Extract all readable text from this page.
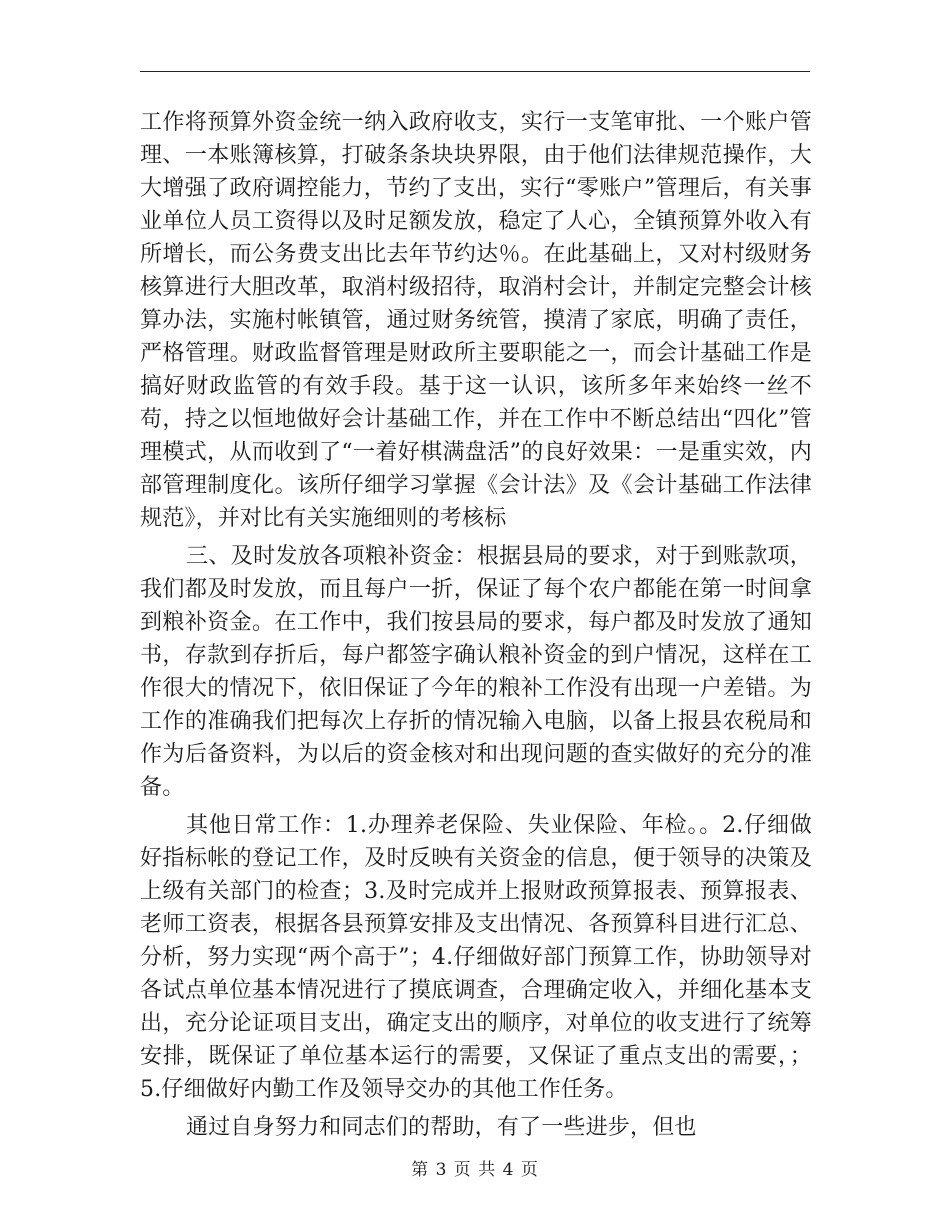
工作将预算外资金统一纳入政府收支，实行一支笔审批、一个账户管理、一本账簿核算，打破条条块块界限，由于他们法律规范操作，大大增强了政府调控能力，节约了支出，实行“零账户”管理后，有关事业单位人员工资得以及时足额发放，稳定了人心，全镇预算外收入有所增长，而公务费支出比去年节约达％。在此基础上，又对村级财务核算进行大胆改革，取消村级招待，取消村会计，并制定完整会计核算办法，实施村帐镇管，通过财务统管，摸清了家底，明确了责任，严格管理。财政监督管理是财政所主要职能之一，而会计基础工作是搞好财政监管的有效手段。基于这一认识，该所多年来始终一丝不苟，持之以恒地做好会计基础工作，并在工作中不断总结出“四化”管理模式，从而收到了“一着好棋满盘活”的良好效果：一是重实效，内部管理制度化。该所仔细学习掌握《会计法》及《会计基础工作法律规范》，并对比有关实施细则的考核标

三、及时发放各项粮补资金：根据县局的要求，对于到账款项，我们都及时发放，而且每户一折，保证了每个农户都能在第一时间拿到粮补资金。在工作中，我们按县局的要求，每户都及时发放了通知书，存款到存折后，每户都签字确认粮补资金的到户情况，这样在工作很大的情况下，依旧保证了今年的粮补工作没有出现一户差错。为工作的准确我们把每次上存折的情况输入电脑，以备上报县农税局和作为后备资料，为以后的资金核对和出现问题的查实做好的充分的准备。

其他日常工作：1.办理养老保险、失业保险、年检。。2.仔细做好指标帐的登记工作，及时反映有关资金的信息，便于领导的决策及上级有关部门的检查；3.及时完成并上报财政预算报表、预算报表、老师工资表，根据各县预算安排及支出情况、各预算科目进行汇总、分析，努力实现“两个高于”；4.仔细做好部门预算工作，协助领导对各试点单位基本情况进行了摸底调查，合理确定收入，并细化基本支出，充分论证项目支出，确定支出的顺序，对单位的收支进行了统筹安排，既保证了单位基本运行的需要，又保证了重点支出的需要，；5.仔细做好内勤工作及领导交办的其他工作任务。

通过自身努力和同志们的帮助，有了一些进步，但也

第 3 页 共 4 页
